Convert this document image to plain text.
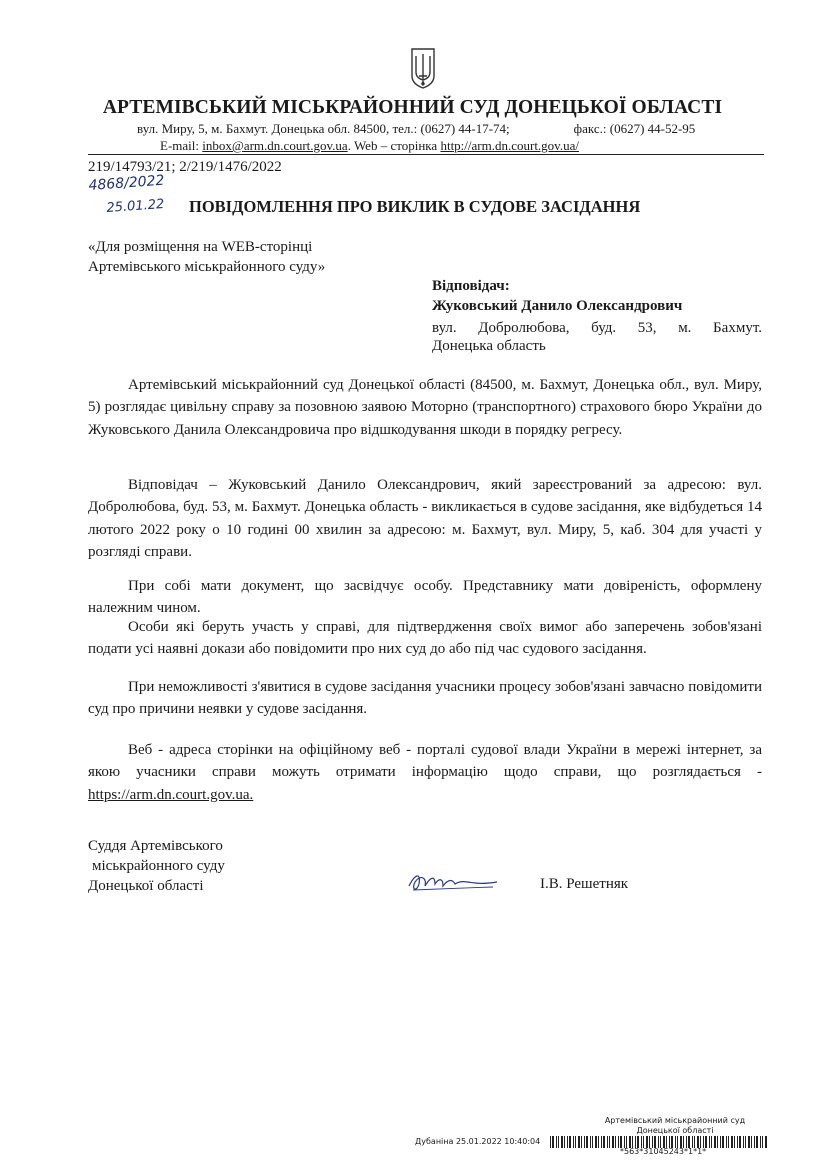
АРТЕМІВСЬКИЙ МІСЬКРАЙОННИЙ СУД ДОНЕЦЬКОЇ ОБЛАСТІ
вул. Миру, 5, м. Бахмут. Донецька обл. 84500, тел.: (0627) 44-17-74;	факс.: (0627) 44-52-95
E-mail: inbox@arm.dn.court.gov.ua. Web – сторінка http://arm.dn.court.gov.ua/
219/14793/21; 2/219/1476/2022
4868/2022
25.01.22 ПОВІДОМЛЕННЯ ПРО ВИКЛИК В СУДОВЕ ЗАСІДАННЯ
«Для розміщення на WEB-сторінці
Артемівського міськрайонного суду»
Відповідач:
Жуковський Данило Олександрович
вул. Добролюбова, буд. 53, м. Бахмут.
Донецька область
Артемівський міськрайонний суд Донецької області (84500, м. Бахмут, Донецька обл., вул. Миру, 5) розглядає цивільну справу за позовною заявою Моторно (транспортного) страхового бюро України до Жуковського Данила Олександровича про відшкодування шкоди в порядку регресу.
Відповідач – Жуковський Данило Олександрович, який зареєстрований за адресою: вул. Добролюбова, буд. 53, м. Бахмут. Донецька область - викликається в судове засідання, яке відбудеться 14 лютого 2022 року о 10 годині 00 хвилин за адресою: м. Бахмут, вул. Миру, 5, каб. 304 для участі у розгляді справи.
При собі мати документ, що засвідчує особу. Представнику мати довіреність, оформлену належним чином.
Особи які беруть участь у справі, для підтвердження своїх вимог або заперечень зобов'язані подати усі наявні докази або повідомити про них суд до або під час судового засідання.
При неможливості з'явитися в судове засідання учасники процесу зобов'язані завчасно повідомити суд про причини неявки у судове засідання.
Веб - адреса сторінки на офіційному веб - порталі судової влади України в мережі інтернет, за якою учасники справи можуть отримати інформацію щодо справи, що розглядається - https://arm.dn.court.gov.ua.
Суддя Артемівського
міськрайонного суду
Донецької області	І.В. Решетняк
Артемівський міськрайонний суд
Донецької області
Дубаніна 25.01.2022 10:40:04
*563*31045243*1*1*
